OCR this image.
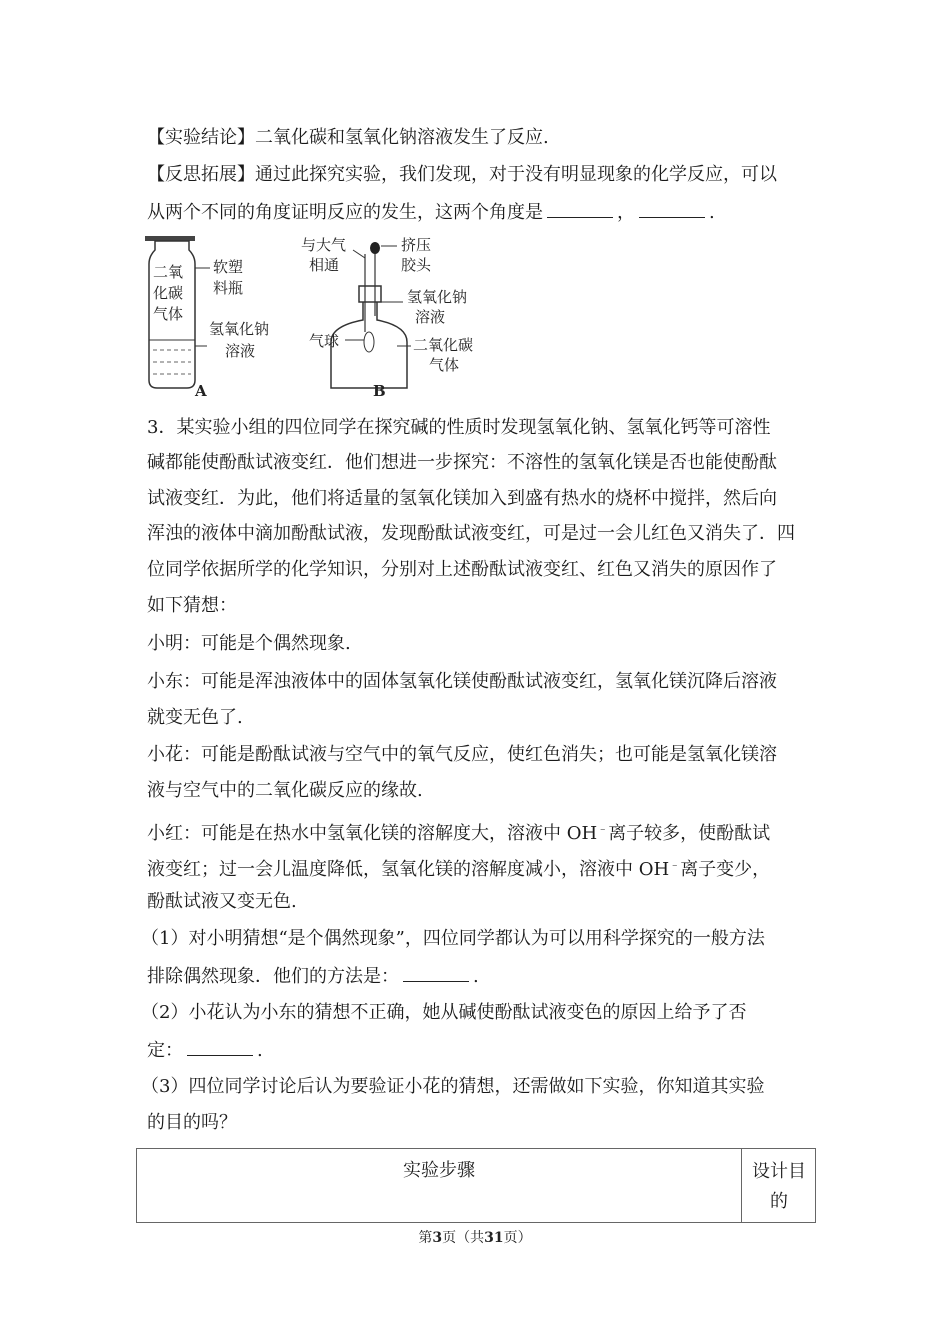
【实验结论】二氧化碳和氢氧化钠溶液发生了反应.
【反思拓展】通过此探究实验，我们发现，对于没有明显现象的化学反应，可以
从两个不同的角度证明反应的发生，这两个角度是	，	.
二氧
化碳
气体
软塑
料瓶
氢氧化钠
溶液
A
与大气
相通
挤压
胶头
氢氧化钠
溶液
气球	二氧化碳
气体
B
3．某实验小组的四位同学在探究碱的性质时发现氢氧化钠、氢氧化钙等可溶性
碱都能使酚酞试液变红．他们想进一步探究：不溶性的氢氧化镁是否也能使酚酞
试液变红．为此，他们将适量的氢氧化镁加入到盛有热水的烧杯中搅拌，然后向
浑浊的液体中滴加酚酞试液，发现酚酞试液变红，可是过一会儿红色又消失了．四
位同学依据所学的化学知识，分别对上述酚酞试液变红、红色又消失的原因作了
如下猜想：
小明：可能是个偶然现象.
小东：可能是浑浊液体中的固体氢氧化镁使酚酞试液变红，氢氧化镁沉降后溶液
就变无色了.
小花：可能是酚酞试液与空气中的氧气反应，使红色消失；也可能是氢氧化镁溶
液与空气中的二氧化碳反应的缘故.
小红：可能是在热水中氢氧化镁的溶解度大，溶液中 OH﹣离子较多，使酚酞试
液变红；过一会儿温度降低，氢氧化镁的溶解度减小，溶液中 OH﹣离子变少，
酚酞试液又变无色.
（1）对小明猜想“是个偶然现象”，四位同学都认为可以用科学探究的一般方法
排除偶然现象．他们的方法是：	.
（2）小花认为小东的猜想不正确，她从碱使酚酞试液变色的原因上给予了否
定：	.
（3）四位同学讨论后认为要验证小花的猜想，还需做如下实验，你知道其实验
的目的吗？
实验步骤	设计目
的
第3页（共31页）
